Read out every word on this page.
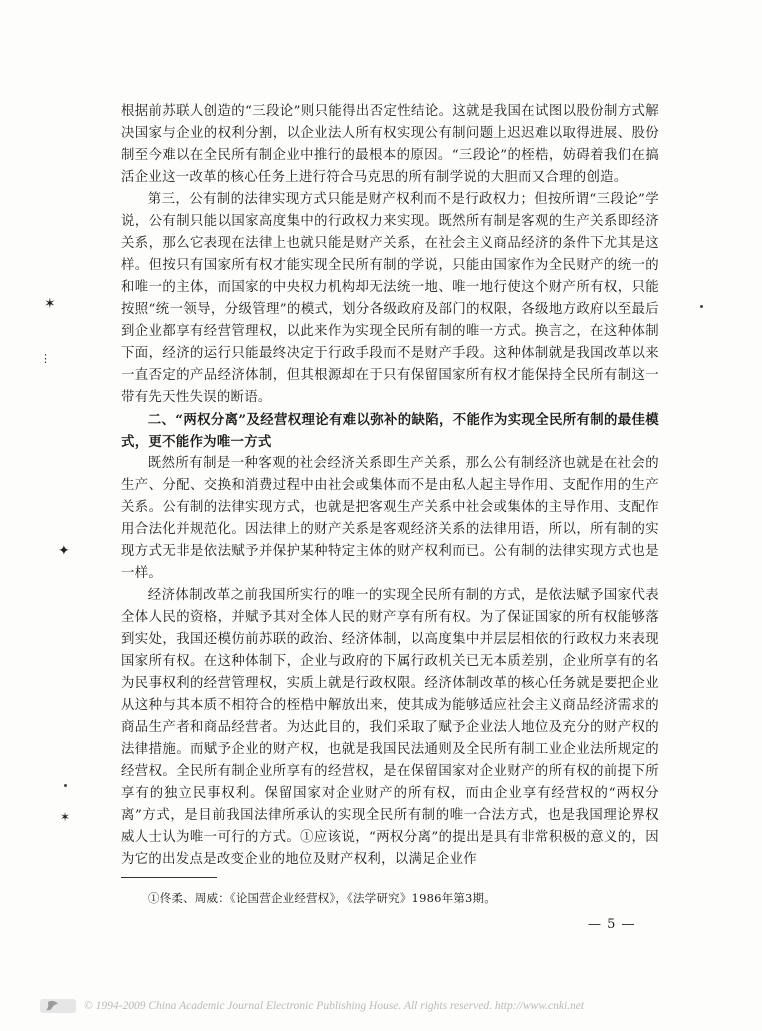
根据前苏联人创造的“三段论”则只能得出否定性结论。这就是我国在试图以股份制方式解决国家与企业的权利分割，以企业法人所有权实现公有制问题上迟迟难以取得进展、股份制至今难以在全民所有制企业中推行的最根本的原因。“三段论”的桎梏，妨碍着我们在搞活企业这一改革的核心任务上进行符合马克思的所有制学说的大胆而又合理的创造。

第三，公有制的法律实现方式只能是财产权利而不是行政权力；但按所谓“三段论”学说，公有制只能以国家高度集中的行政权力来实现。既然所有制是客观的生产关系即经济关系，那么它表现在法律上也就只能是财产关系，在社会主义商品经济的条件下尤其是这样。但按只有国家所有权才能实现全民所有制的学说，只能由国家作为全民财产的统一的和唯一的主体，而国家的中央权力机构却无法统一地、唯一地行使这个财产所有权，只能按照“统一领导，分级管理”的模式，划分各级政府及部门的权限，各级地方政府以至最后到企业都享有经营管理权，以此来作为实现全民所有制的唯一方式。换言之，在这种体制下面，经济的运行只能最终决定于行政手段而不是财产手段。这种体制就是我国改革以来一直否定的产品经济体制，但其根源却在于只有保留国家所有权才能保持全民所有制这一带有先天性失误的断语。

二、“两权分离”及经营权理论有难以弥补的缺陷，不能作为实现全民所有制的最佳模式，更不能作为唯一方式

既然所有制是一种客观的社会经济关系即生产关系，那么公有制经济也就是在社会的生产、分配、交换和消费过程中由社会或集体而不是由私人起主导作用、支配作用的生产关系。公有制的法律实现方式，也就是把客观生产关系中社会或集体的主导作用、支配作用合法化并规范化。因法律上的财产关系是客观经济关系的法律用语，所以，所有制的实现方式无非是依法赋予并保护某种特定主体的财产权利而已。公有制的法律实现方式也是一样。

经济体制改革之前我国所实行的唯一的实现全民所有制的方式，是依法赋予国家代表全体人民的资格，并赋予其对全体人民的财产享有所有权。为了保证国家的所有权能够落到实处，我国还模仿前苏联的政治、经济体制，以高度集中并层层相依的行政权力来表现国家所有权。在这种体制下，企业与政府的下属行政机关已无本质差别，企业所享有的名为民事权利的经营管理权，实质上就是行政权限。经济体制改革的核心任务就是要把企业从这种与其本质不相符合的桎梏中解放出来，使其成为能够适应社会主义商品经济需求的商品生产者和商品经营者。为达此目的，我们采取了赋予企业法人地位及充分的财产权的法律措施。而赋予企业的财产权，也就是我国民法通则及全民所有制工业企业法所规定的经营权。全民所有制企业所享有的经营权，是在保留国家对企业财产的所有权的前提下所享有的独立民事权利。保留国家对企业财产的所有权，而由企业享有经营权的“两权分离”方式，是目前我国法律所承认的实现全民所有制的唯一合法方式，也是我国理论界权威人士认为唯一可行的方式。①应该说，“两权分离”的提出是具有非常积极的意义的，因为它的出发点是改变企业的地位及财产权利，以满足企业作

①佟柔、周威：《论国营企业经营权》，《法学研究》1986年第3期。
— 5 —
✶
⋮
✦
✶
© 1994-2009 China Academic Journal Electronic Publishing House. All rights reserved. http://www.cnki.net
